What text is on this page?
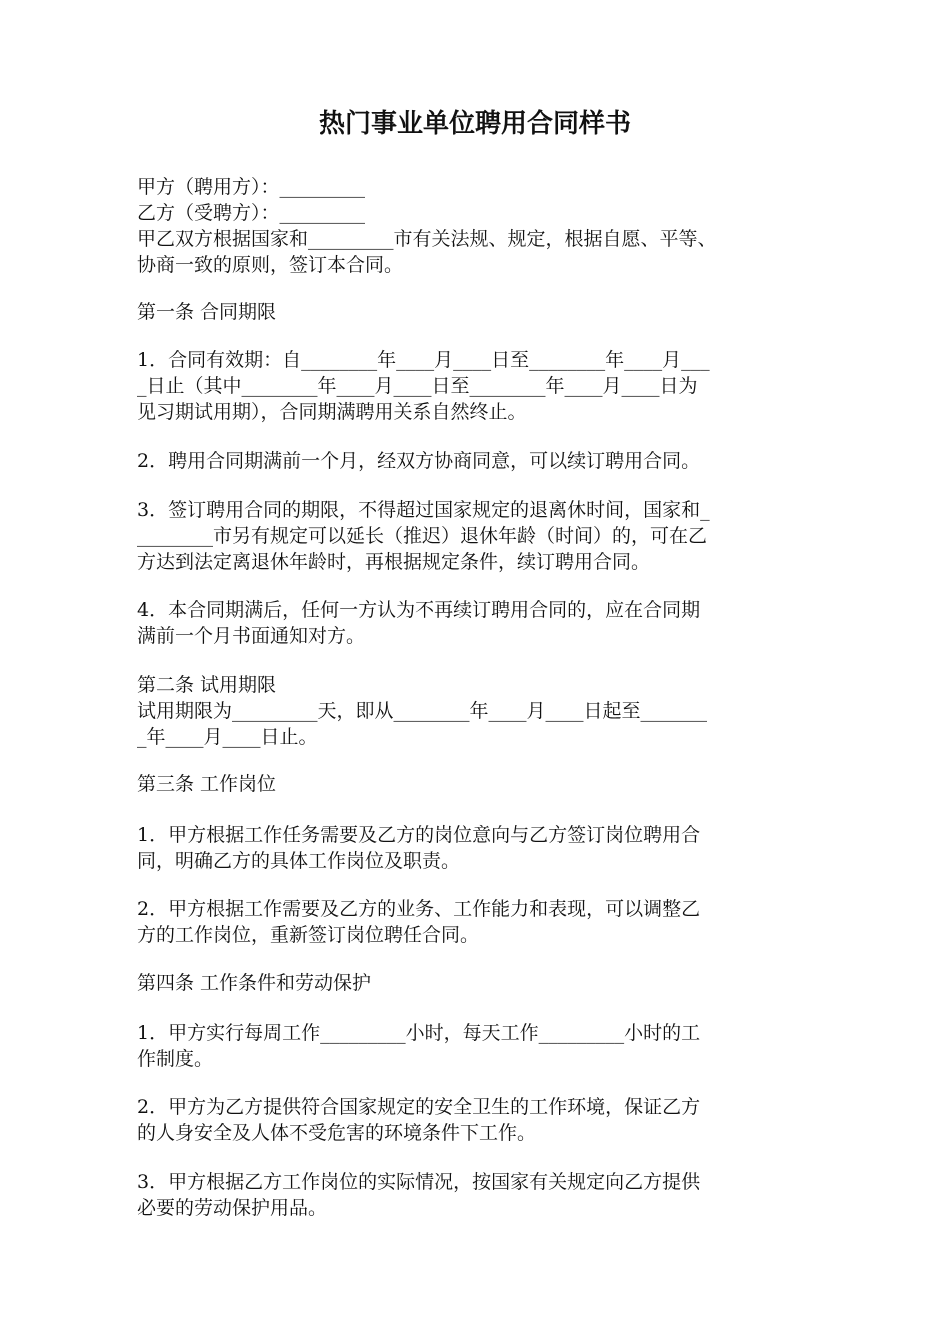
热门事业单位聘用合同样书
甲方（聘用方）：_________
乙方（受聘方）：_________
甲乙双方根据国家和_________市有关法规、规定，根据自愿、平等、
协商一致的原则，签订本合同。
第一条 合同期限
1．合同有效期：自________年____月____日至________年____月___
_日止（其中________年____月____日至________年____月____日为
见习期试用期），合同期满聘用关系自然终止。
2．聘用合同期满前一个月，经双方协商同意，可以续订聘用合同。
3．签订聘用合同的期限，不得超过国家规定的退离休时间，国家和_
________市另有规定可以延长（推迟）退休年龄（时间）的，可在乙
方达到法定离退休年龄时，再根据规定条件，续订聘用合同。
4．本合同期满后，任何一方认为不再续订聘用合同的，应在合同期
满前一个月书面通知对方。
第二条 试用期限
试用期限为_________天，即从________年____月____日起至_______
_年____月____日止。
第三条 工作岗位
1．甲方根据工作任务需要及乙方的岗位意向与乙方签订岗位聘用合
同，明确乙方的具体工作岗位及职责。
2．甲方根据工作需要及乙方的业务、工作能力和表现，可以调整乙
方的工作岗位，重新签订岗位聘任合同。
第四条 工作条件和劳动保护
1．甲方实行每周工作_________小时，每天工作_________小时的工
作制度。
2．甲方为乙方提供符合国家规定的安全卫生的工作环境，保证乙方
的人身安全及人体不受危害的环境条件下工作。
3．甲方根据乙方工作岗位的实际情况，按国家有关规定向乙方提供
必要的劳动保护用品。
